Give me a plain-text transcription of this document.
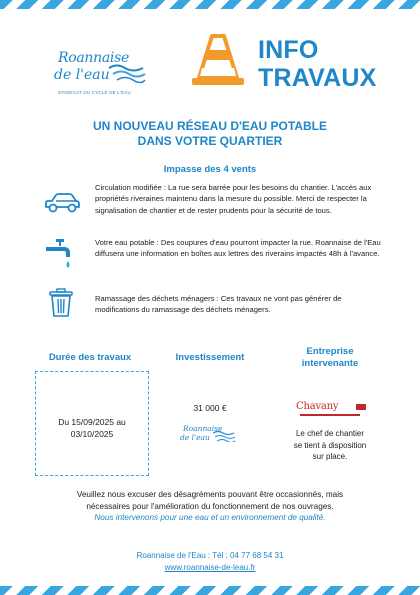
Roannaise
de l'eau
SYNDICAT DU CYCLE DE L'EAU
INFO
TRAVAUX
UN NOUVEAU RÉSEAU D'EAU POTABLE
DANS VOTRE QUARTIER
Impasse des 4 vents
Circulation modifiée : La rue sera barrée pour les besoins du chantier. L'accès aux propriétés riveraines maintenu dans la mesure du possible. Merci de respecter la signalisation de chantier et de rester prudents pour la sécurité de tous.
Votre eau potable : Des coupures d'eau pourront impacter la rue. Roannaise de l'Eau diffusera une information en boîtes aux lettres des riverains impactés 48h à l'avance.
Ramassage des déchets ménagers : Ces travaux ne vont pas générer de modifications du ramassage des déchets ménagers.
Durée des travaux
Du 15/09/2025 au
03/10/2025
Investissement
31 000 €
Roannaise
de l'eau
Entreprise
intervenante
Chavany
Le chef de chantier
se tient à disposition
sur place.
Veuillez nous excuser des désagréments pouvant être occasionnés, mais
nécessaires pour l'amélioration du fonctionnement de nos ouvrages.
Nous intervenons pour une eau et un environnement de qualité.
Roannaise de l'Eau : Tél : 04 77 68 54 31
www.roannaise-de-leau.fr
